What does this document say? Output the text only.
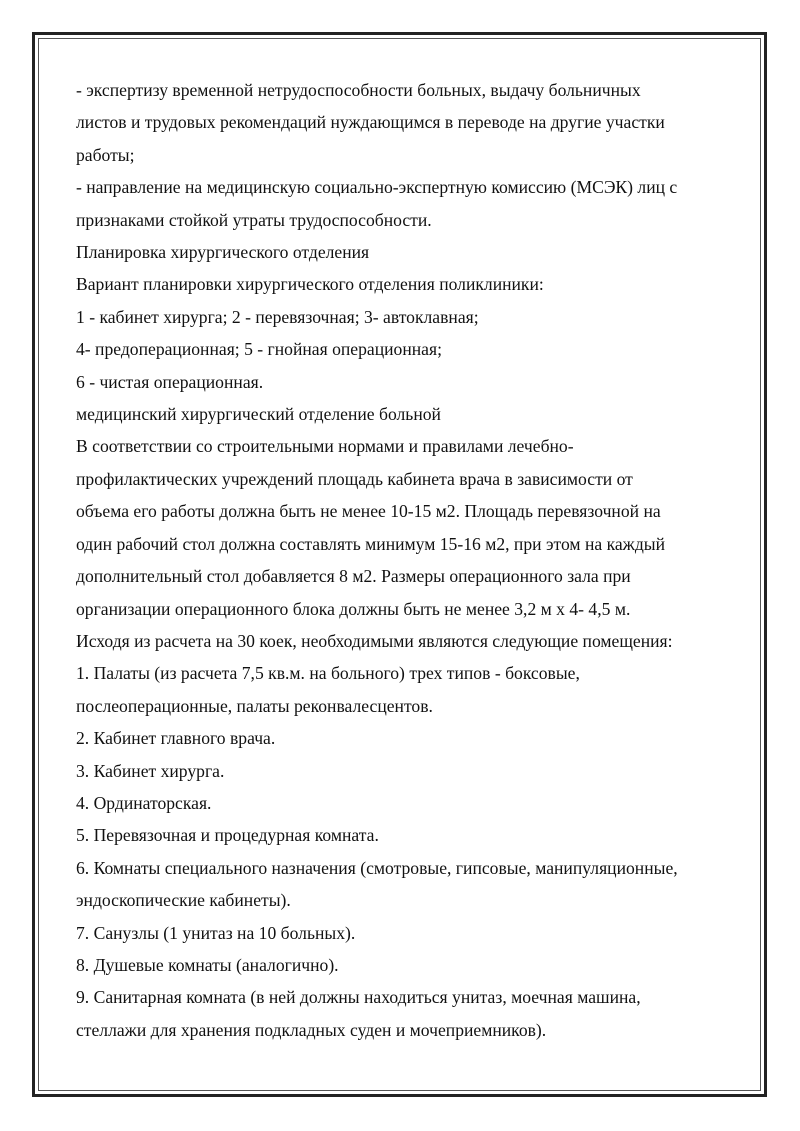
- экспертизу временной нетрудоспособности больных, выдачу больничных
листов и трудовых рекомендаций нуждающимся в переводе на другие участки
работы;
- направление на медицинскую социально-экспертную комиссию (МСЭК) лиц с
признаками стойкой утраты трудоспособности.
Планировка хирургического отделения
Вариант планировки хирургического отделения поликлиники:
1 - кабинет хирурга; 2 - перевязочная; 3- автоклавная;
4- предоперационная; 5 - гнойная операционная;
6 - чистая операционная.
медицинский хирургический отделение больной
В соответствии со строительными нормами и правилами лечебно-
профилактических учреждений площадь кабинета врача в зависимости от
объема его работы должна быть не менее 10-15 м2. Площадь перевязочной на
один рабочий стол должна составлять минимум 15-16 м2, при этом на каждый
дополнительный стол добавляется 8 м2. Размеры операционного зала при
организации операционного блока должны быть не менее 3,2 м х 4- 4,5 м.
Исходя из расчета на 30 коек, необходимыми являются следующие помещения:
1. Палаты (из расчета 7,5 кв.м. на больного) трех типов - боксовые,
послеоперационные, палаты реконвалесцентов.
2. Кабинет главного врача.
3. Кабинет хирурга.
4. Ординаторская.
5. Перевязочная и процедурная комната.
6. Комнаты специального назначения (смотровые, гипсовые, манипуляционные,
эндоскопические кабинеты).
7. Санузлы (1 унитаз на 10 больных).
8. Душевые комнаты (аналогично).
9. Санитарная комната (в ней должны находиться унитаз, моечная машина,
стеллажи для хранения подкладных суден и мочеприемников).
